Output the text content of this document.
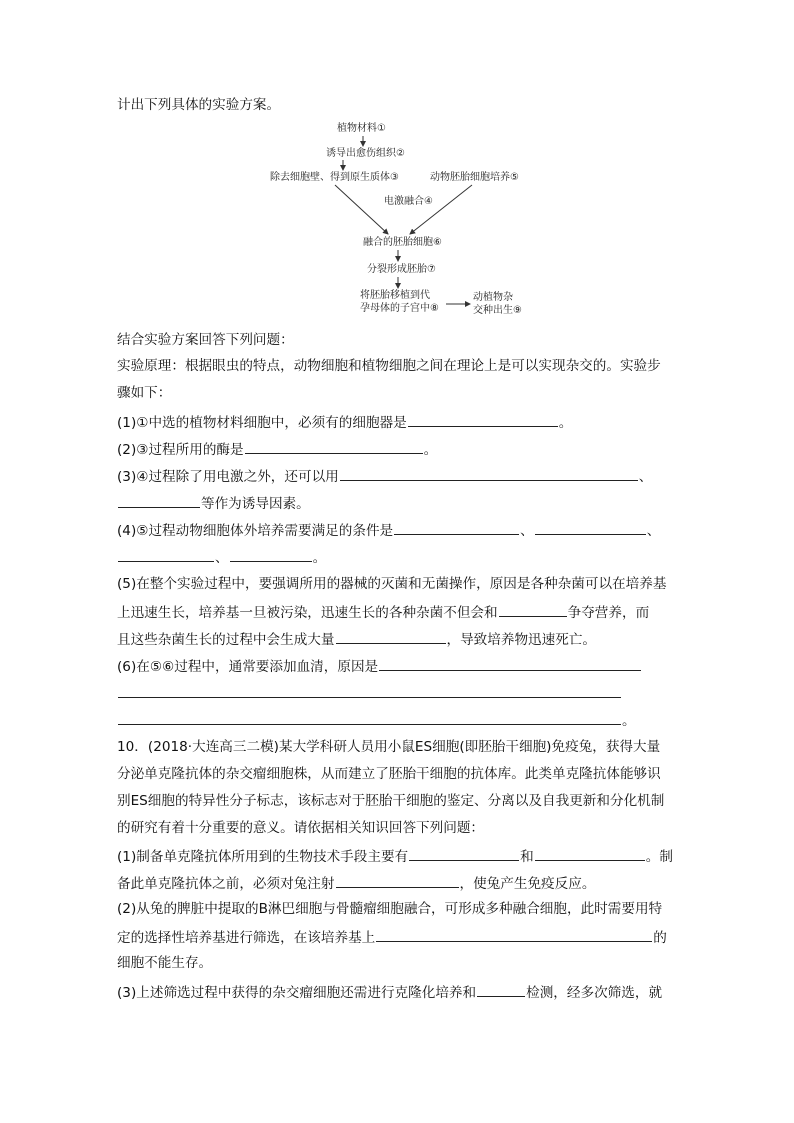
计出下列具体的实验方案。
植物材料①
诱导出愈伤组织②
除去细胞壁、得到原生质体③	动物胚胎细胞培养⑤
电激融合④
融合的胚胎细胞⑥
分裂形成胚胎⑦
将胚胎移植到代
孕母体的子宫中⑧
动植物杂
交种出生⑨
结合实验方案回答下列问题：
实验原理：根据眼虫的特点，动物细胞和植物细胞之间在理论上是可以实现杂交的。实验步
骤如下：
(1)①中选的植物材料细胞中，必须有的细胞器是	。
(2)③过程所用的酶是	。
(3)④过程除了用电激之外，还可以用	、
等作为诱导因素。
(4)⑤过程动物细胞体外培养需要满足的条件是	、	、
、	。
(5)在整个实验过程中，要强调所用的器械的灭菌和无菌操作，原因是各种杂菌可以在培养基
上迅速生长，培养基一旦被污染，迅速生长的各种杂菌不但会和	争夺营养，而
且这些杂菌生长的过程中会生成大量	，导致培养物迅速死亡。
(6)在⑤⑥过程中，通常要添加血清，原因是
。
10．(2018·大连高三二模)某大学科研人员用小鼠ES细胞(即胚胎干细胞)免疫兔，获得大量
分泌单克隆抗体的杂交瘤细胞株，从而建立了胚胎干细胞的抗体库。此类单克隆抗体能够识
别ES细胞的特异性分子标志，该标志对于胚胎干细胞的鉴定、分离以及自我更新和分化机制
的研究有着十分重要的意义。请依据相关知识回答下列问题：
(1)制备单克隆抗体所用到的生物技术手段主要有	和	。制
备此单克隆抗体之前，必须对兔注射	，使兔产生免疫反应。
(2)从兔的脾脏中提取的B淋巴细胞与骨髓瘤细胞融合，可形成多种融合细胞，此时需要用特
定的选择性培养基进行筛选，在该培养基上	的
细胞不能生存。
(3)上述筛选过程中获得的杂交瘤细胞还需进行克隆化培养和	检测，经多次筛选，就
